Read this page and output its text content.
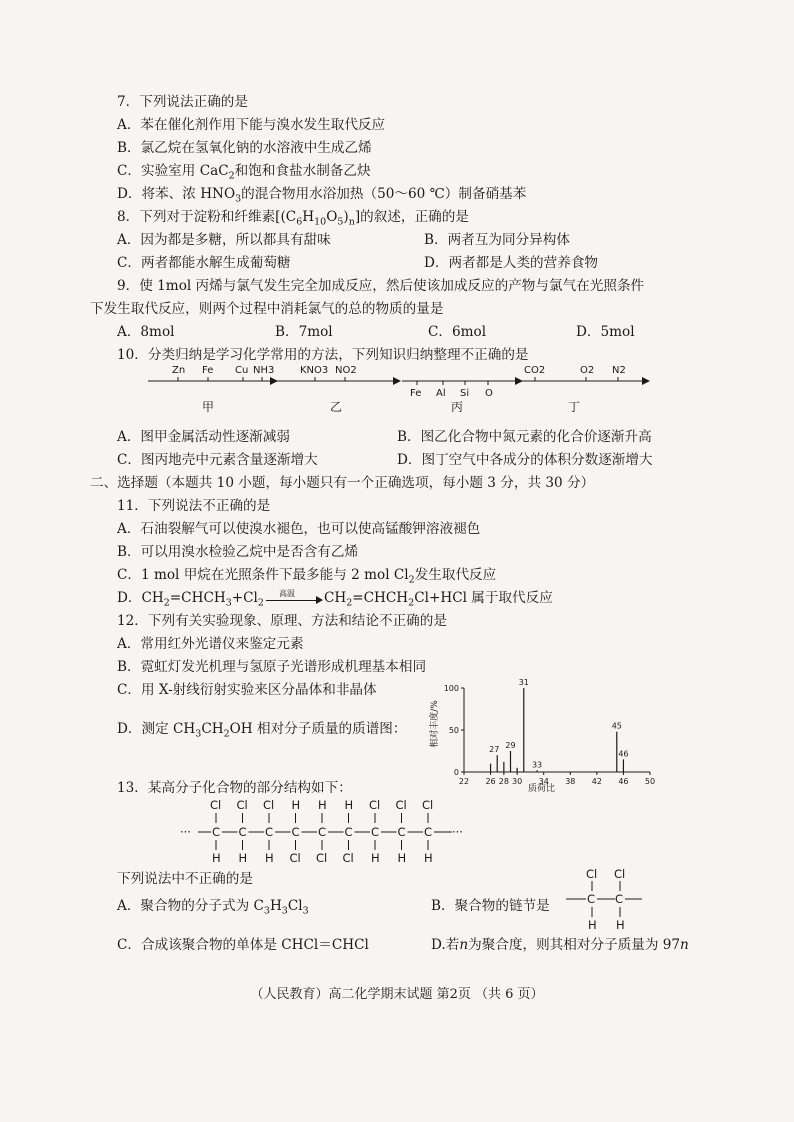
7．下列说法正确的是
A．苯在催化剂作用下能与溴水发生取代反应
B．氯乙烷在氢氧化钠的水溶液中生成乙烯
C．实验室用 CaC$_2$和饱和食盐水制备乙炔
D．将苯、浓 $HNO_3$的混合物用水浴加热（50～60 ℃）制备硝基苯
8．下列对于淀粉和纤维素$[(C_6H_{10}O_5)_n]$的叙述，正确的是
A．因为都是多糖，所以都具有甜味	B．两者互为同分异构体
C．两者都能水解生成葡萄糖	D．两者都是人类的营养食物
9．使 1mol 丙烯与氯气发生完全加成反应，然后使该加成反应的产物与氯气在光照条件
下发生取代反应，则两个过程中消耗氯气的总的物质的量是
A．8mol	B．7mol	C．6mol	D．5mol
10．分类归纳是学习化学常用的方法，下列知识归纳整理不正确的是
Zn Fe Cu
甲
NH3	KNO3 NO2
乙
Fe Al Si O
丙
CO2	O2 N2
丁
A．图甲金属活动性逐渐减弱	B．图乙化合物中氮元素的化合价逐渐升高
C．图丙地壳中元素含量逐渐增大	D．图丁空气中各成分的体积分数逐渐增大
二、选择题（本题共 10 小题，每小题只有一个正确选项，每小题 3 分，共 30 分）
11．下列说法不正确的是
A．石油裂解气可以使溴水褪色，也可以使高锰酸钾溶液褪色
B．可以用溴水检验乙烷中是否含有乙烯
C．1 mol 甲烷在光照条件下最多能与 2 mol $Cl_2$发生取代反应
D．$CH_2=CHCH_3+Cl_2$
高温 $CH_2=CHCH_2Cl+HCl$ 属于取代反应
12．下列有关实验现象、原理、方法和结论不正确的是
A．常用红外光谱仪来鉴定元素
B．霓虹灯发光机理与氢原子光谱形成机理基本相同
C．用 X-射线衍射实验来区分晶体和非晶体
D．测定 $CH_3CH_2OH$ 相对分子质量的质谱图：
0
50
100
22 26 28 30 34 38 42 46 50
27 29
31
33
45
46
质荷比
相对丰度/%
13．某高分子化合物的部分结构如下：
··· C
Cl
H
C
Cl
H
C
Cl
H
C
H
Cl
C
H
Cl
C
H
Cl
C
Cl
H
C
Cl
H
C
Cl
H
···
下列说法中不正确的是
A．聚合物的分子式为 $C_3H_3Cl_3$	B．聚合物的链节是
Cl Cl
C C
H H
C．合成该聚合物的单体是 CHCl＝CHCl	D.若n为聚合度，则其相对分子质量为 97n
（人民教育）高二化学期末试题 第2页 （共 6 页）
